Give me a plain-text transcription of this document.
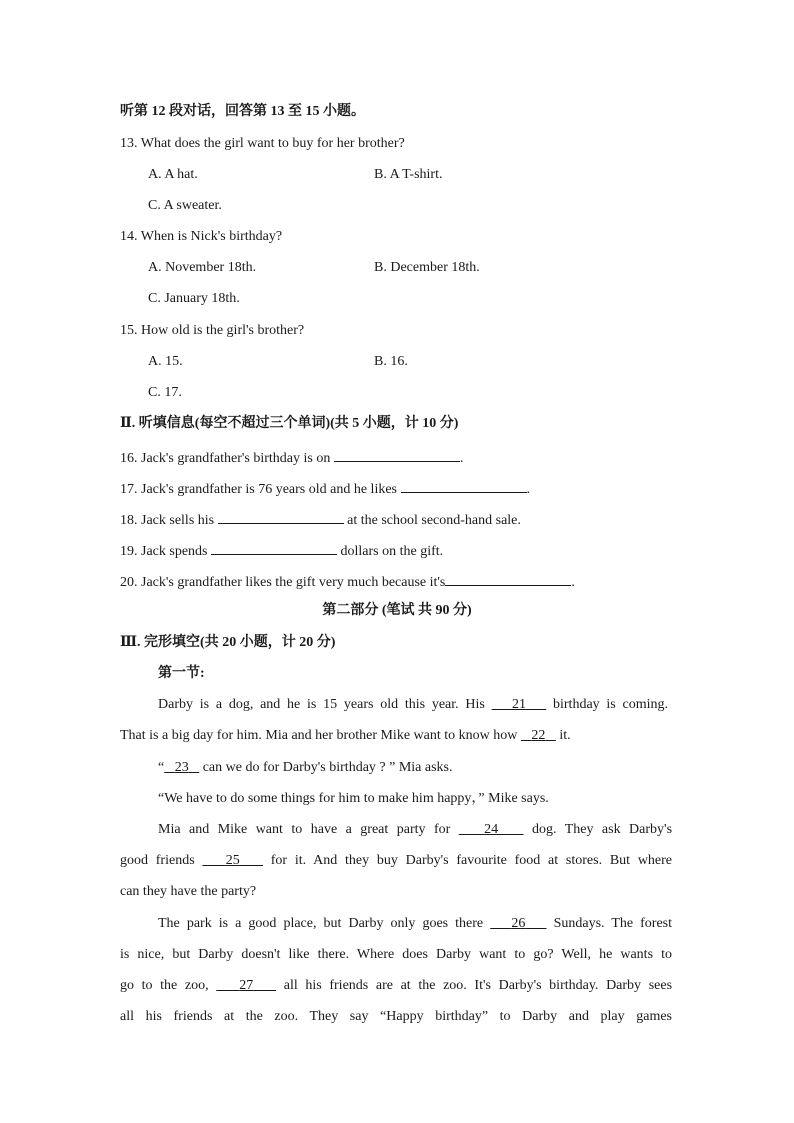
听第 12 段对话，回答第 13 至 15 小题。
13. What does the girl want to buy for her brother?
A. A hat.	B. A T-shirt.
C. A sweater.
14. When is Nick's birthday?
A. November 18th.	B. December 18th.
C. January 18th.
15. How old is the girl's brother?
A. 15.	B. 16.
C. 17.
Ⅱ. 听填信息(每空不超过三个单词)(共 5 小题，计 10 分)
16. Jack's grandfather's birthday is on	.
17. Jack's grandfather is 76 years old and he likes	.
18. Jack sells his	at the school second-hand sale.
19. Jack spends	dollars on the gift.
20. Jack's grandfather likes the gift very much because it's	.
第二部分 (笔试 共 90 分)
Ⅲ. 完形填空(共 20 小题，计 20 分)
第一节:
Darby is a dog, and he is 15 years old this year. His 21 birthday is coming.
That is a big day for him. Mia and her brother Mike want to know how 22 it.
“ 23 can we do for Darby's birthday ? ” Mia asks.
“We have to do some things for him to make him happy，” Mike says.
Mia and Mike want to have a great party for 24 dog. They ask Darby's
good friends 25 for it. And they buy Darby's favourite food at stores. But where
can they have the party?
The park is a good place, but Darby only goes there 26 Sundays. The forest
is nice, but Darby doesn't like there. Where does Darby want to go? Well, he wants to
go to the zoo, 27 all his friends are at the zoo. It's Darby's birthday. Darby sees
all his friends at the zoo. They say “Happy birthday” to Darby and play games
